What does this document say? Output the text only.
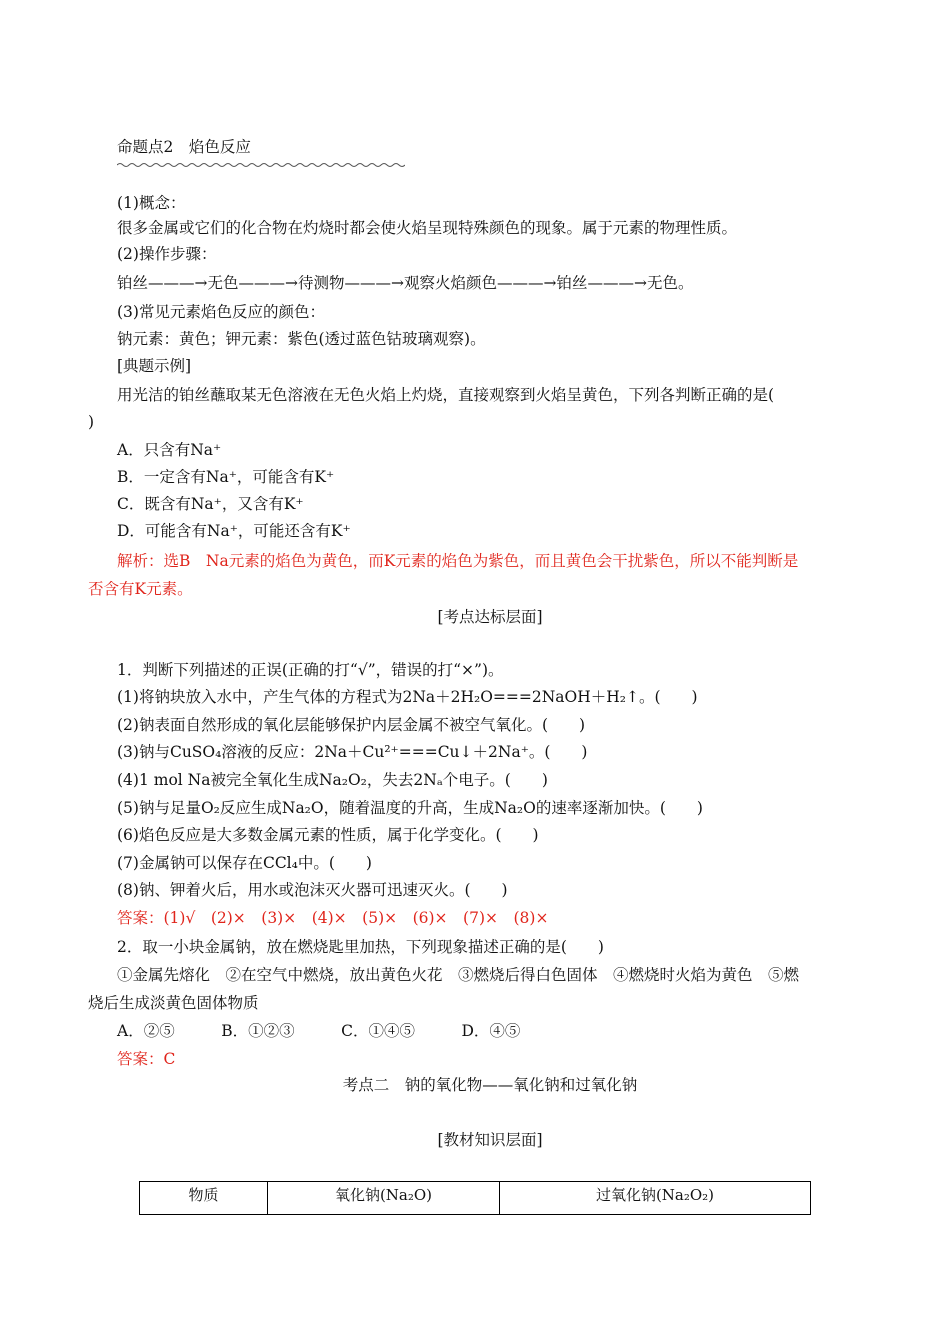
命题点2　焰色反应
(1)概念：
很多金属或它们的化合物在灼烧时都会使火焰呈现特殊颜色的现象。属于元素的物理性质。
(2)操作步骤：
铂丝———→无色———→待测物———→观察火焰颜色———→铂丝———→无色。
(3)常见元素焰色反应的颜色：
钠元素：黄色；钾元素：紫色(透过蓝色钴玻璃观察)。
[典题示例]
用光洁的铂丝蘸取某无色溶液在无色火焰上灼烧，直接观察到火焰呈黄色，下列各判断正确的是(
)
A．只含有Na⁺
B．一定含有Na⁺，可能含有K⁺
C．既含有Na⁺，又含有K⁺
D．可能含有Na⁺，可能还含有K⁺
解析：选B　Na元素的焰色为黄色，而K元素的焰色为紫色，而且黄色会干扰紫色，所以不能判断是
否含有K元素。
[考点达标层面]
1．判断下列描述的正误(正确的打“√”，错误的打“×”)。
(1)将钠块放入水中，产生气体的方程式为2Na＋2H₂O===2NaOH＋H₂↑。(　　)
(2)钠表面自然形成的氧化层能够保护内层金属不被空气氧化。(　　)
(3)钠与CuSO₄溶液的反应：2Na＋Cu²⁺===Cu↓＋2Na⁺。(　　)
(4)1 mol Na被完全氧化生成Na₂O₂，失去2Nₐ个电子。(　　)
(5)钠与足量O₂反应生成Na₂O，随着温度的升高，生成Na₂O的速率逐渐加快。(　　)
(6)焰色反应是大多数金属元素的性质，属于化学变化。(　　)
(7)金属钠可以保存在CCl₄中。(　　)
(8)钠、钾着火后，用水或泡沫灭火器可迅速灭火。(　　)
答案：(1)√　(2)×　(3)×　(4)×　(5)×　(6)×　(7)×　(8)×
2．取一小块金属钠，放在燃烧匙里加热，下列现象描述正确的是(　　)
①金属先熔化　②在空气中燃烧，放出黄色火花　③燃烧后得白色固体　④燃烧时火焰为黄色　⑤燃
烧后生成淡黄色固体物质
A．②⑤　　　B．①②③　　　C．①④⑤　　　D．④⑤
答案：C
考点二　钠的氧化物——氧化钠和过氧化钠
[教材知识层面]
物质	氧化钠(Na₂O)	过氧化钠(Na₂O₂)
